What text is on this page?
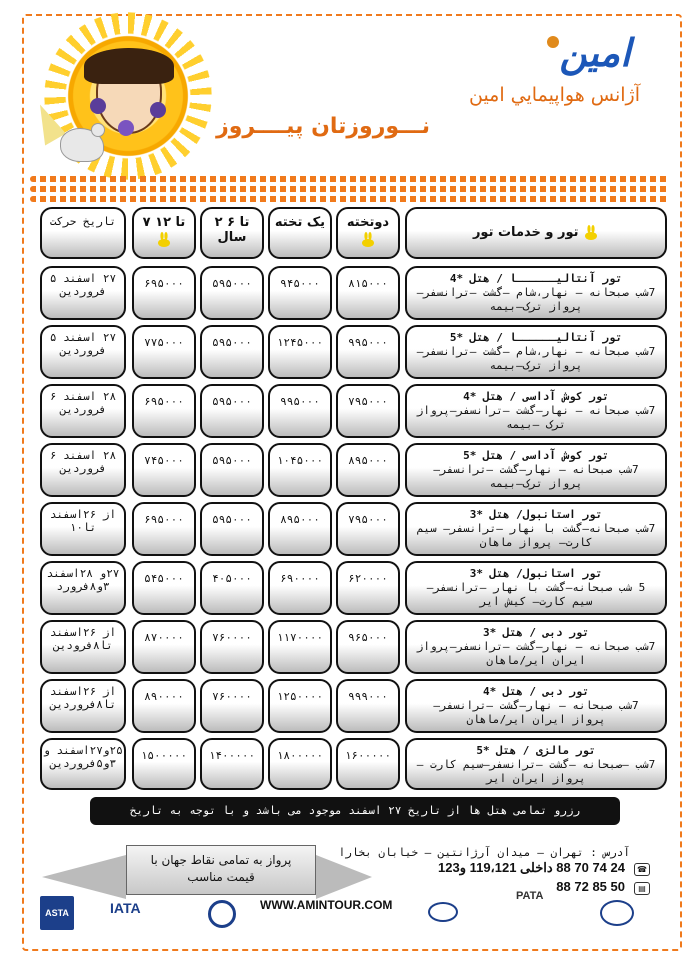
امين
آژانس هواپيمايي امين
نـــوروزتان پيــــروز
تور و خدمات تور
دوتخته
یک تخته
۲ تا ۶ سال
۷ تا ۱۲
تاریخ حرکت
تور آنتاليــــــا / هتل *4
7شب صبحانه – نهار،شام –گشت –ترانسفر–پرواز ترک–بیمه
۸۱۵۰۰۰
۹۴۵۰۰۰
۵۹۵۰۰۰
۶۹۵۰۰۰
۲۷ اسفند ۵ فروردین
تور آنتاليــــــا / هتل *5
7شب صبحانه – نهار،شام –گشت –ترانسفر– پرواز ترک–بیمه
۹۹۵۰۰۰
۱۲۴۵۰۰۰
۵۹۵۰۰۰
۷۷۵۰۰۰
۲۷ اسفند ۵ فروردین
تور کوش آداسی / هتل *4
7شب صبحانه – نهار–گشت –ترانسفر–پرواز ترک –بیمه
۷۹۵۰۰۰
۹۹۵۰۰۰
۵۹۵۰۰۰
۶۹۵۰۰۰
۲۸ اسفند ۶ فروردین
تور کوش آداسی / هتل *5
7شب صبحانه – نهار–گشت –ترانسفر– پرواز ترک–بیمه
۸۹۵۰۰۰
۱۰۴۵۰۰۰
۵۹۵۰۰۰
۷۴۵۰۰۰
۲۸ اسفند ۶ فروردین
تور استانبول/ هتل *3
7شب صبحانه–گشت با نهار –ترانسفر– سیم کارت– پرواز ماهان
۷۹۵۰۰۰
۸۹۵۰۰۰
۵۹۵۰۰۰
۶۹۵۰۰۰
از ۲۶اسفند تا۱۰
تور استانبول/ هتل *3
5 شب صبحانه–گشت با نهار –ترانسفر– سیم کارت– کیش ایر
۶۲۰۰۰۰
۶۹۰۰۰۰
۴۰۵۰۰۰
۵۴۵۰۰۰
۲۷و ۲۸اسفند ۳و۸فرورد
تور دبی / هتل *3
7شب صبحانه – نهار–گشت –ترانسفر–پرواز ایران ایر/ماهان
۹۶۵۰۰۰
۱۱۷۰۰۰۰
۷۶۰۰۰۰
۸۷۰۰۰۰
از ۲۶اسفند تا۸فرو‌دین
تور دبی / هتل *4
7شب صبحانه – نهار–گشت –ترانسفر– پرواز ایران ایر/ماهان
۹۹۹۰۰۰
۱۲۵۰۰۰۰
۷۶۰۰۰۰
۸۹۰۰۰۰
از ۲۶اسفند تا۸فروردین
تور مالزی / هتل *5
7شب –صبحانه –گشت –ترانسفر–سیم کارت – پرواز ایران ایر
۱۶۰۰۰۰۰
۱۸۰۰۰۰۰
۱۴۰۰۰۰۰
۱۵۰۰۰۰۰
۲۵و۲۷اسفند و ۳و۵فروردین
رزرو تمامی هتل ها از تاریخ ۲۷ اسفند موجود می باشد و با توجه به تاریخ
پرواز به تمامی نقاط جهان با
قیمت مناسب
آدرس : تهران – میدان آرژانتین – خیابان بخارا
☎
24 74 70 88 داخلی 119،121 و123
▤
50 85 72 88
WWW.AMINTOUR.COM
ASTA	IATA
PATA
